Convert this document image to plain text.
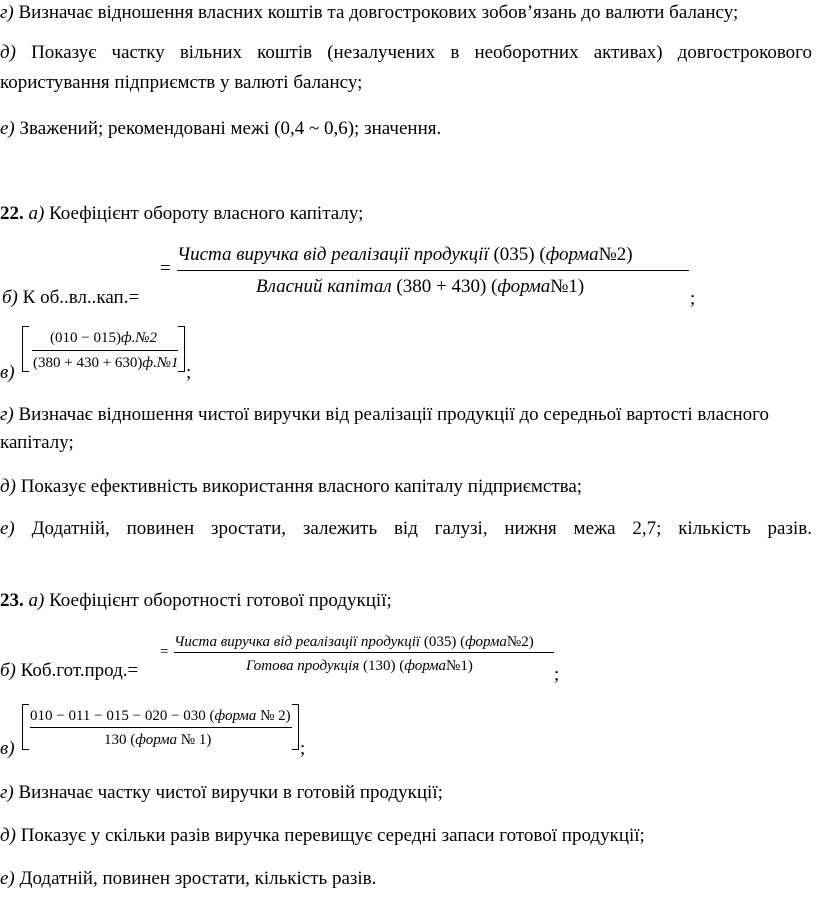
г) Визначає відношення власних коштів та довгострокових зобов’язань до валюти балансу;
д) Показує частку вільних коштів (незалучених в необоротних активах) довгострокового
користування підприємств у валюті балансу;
е) Зважений; рекомендовані межі (0,4 ~ 0,6); значення.
22. а) Коефіцієнт обороту власного капіталу;
=
Чиста виручка від реалізації продукції (035) (форма№2)
Власний капітал (380 + 430) (форма№1)
б) К об..вл..кап.=	;
(010 − 015)ф.№2
(380 + 430 + 630)ф.№1
в)	;
г) Визначає відношення чистої виручки від реалізації продукції до середньої вартості власного
капіталу;
д) Показує ефективність використання власного капіталу підприємства;
е) Додатній, повинен зростати, залежить від галузі, нижня межа 2,7; кількість разів.
23. а) Коефіцієнт оборотності готової продукції;
=
Чиста виручка від реалізації продукції (035) (форма№2)
Готова продукція (130) (форма№1)
б) Коб.гот.прод.=	;
010 − 011 − 015 − 020 − 030 (форма № 2)
130 (форма № 1)
в)	;
г) Визначає частку чистої виручки в готовій продукції;
д) Показує у скільки разів виручка перевищує середні запаси готової продукції;
е) Додатній, повинен зростати, кількість разів.
